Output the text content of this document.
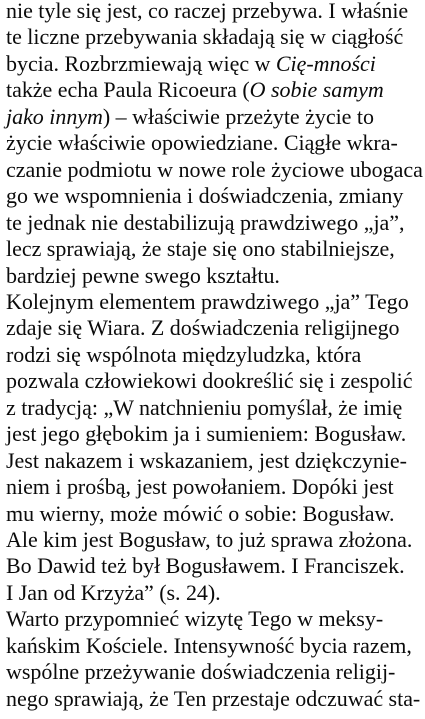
nie tyle się jest, co raczej przebywa. I właśnie
te liczne przebywania składają się w ciągłość
bycia. Rozbrzmiewają więc w Cię-mności
także echa Paula Ricoeura (O sobie samym
jako innym) – właściwie przeżyte życie to
życie właściwie opowiedziane. Ciągłe wkra-
czanie podmiotu w nowe role życiowe ubogaca
go we wspomnienia i doświadczenia, zmiany
te jednak nie destabilizują prawdziwego „ja”,
lecz sprawiają, że staje się ono stabilniejsze,
bardziej pewne swego kształtu.
Kolejnym elementem prawdziwego „ja” Tego
zdaje się Wiara. Z doświadczenia religijnego
rodzi się wspólnota międzyludzka, która
pozwala człowiekowi dookreślić się i zespolić
z tradycją: „W natchnieniu pomyślał, że imię
jest jego głębokim ja i sumieniem: Bogusław.
Jest nakazem i wskazaniem, jest dziękczynie-
niem i prośbą, jest powołaniem. Dopóki jest
mu wierny, może mówić o sobie: Bogusław.
Ale kim jest Bogusław, to już sprawa złożona.
Bo Dawid też był Bogusławem. I Franciszek.
I Jan od Krzyża” (s. 24).
Warto przypomnieć wizytę Tego w meksy-
kańskim Kościele. Intensywność bycia razem,
wspólne przeżywanie doświadczenia religij-
nego sprawiają, że Ten przestaje odczuwać sta-
